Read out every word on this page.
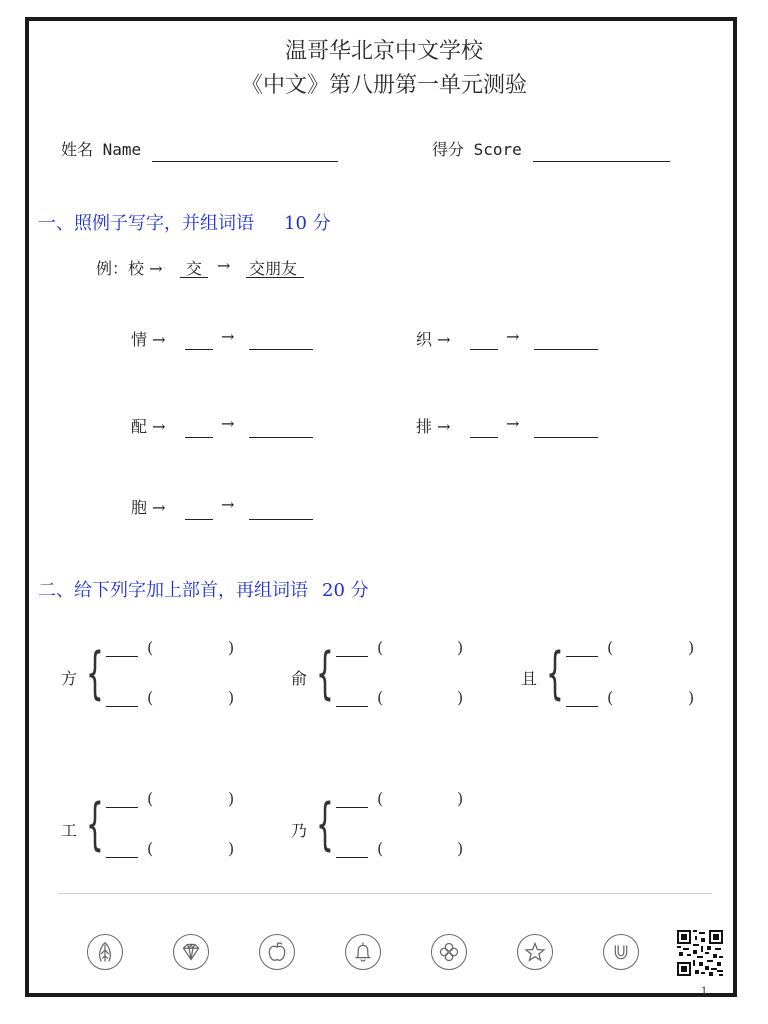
温哥华北京中文学校
《中文》第八册第一单元测验
姓名 Name	得分 Score
一、照例子写字，并组词语 10 分
例：校 → 交 → 交朋友
情 →	→	织 →	→
配 →	→	排 →	→
胞 →	→
二、给下列字加上部首，再组词语 20 分
方 {	(	)
(	)
俞 {	(	)
(	)
且 {	(	)
(	)
工 {	(	)
(	)
乃 {	(	)
(	)
1
